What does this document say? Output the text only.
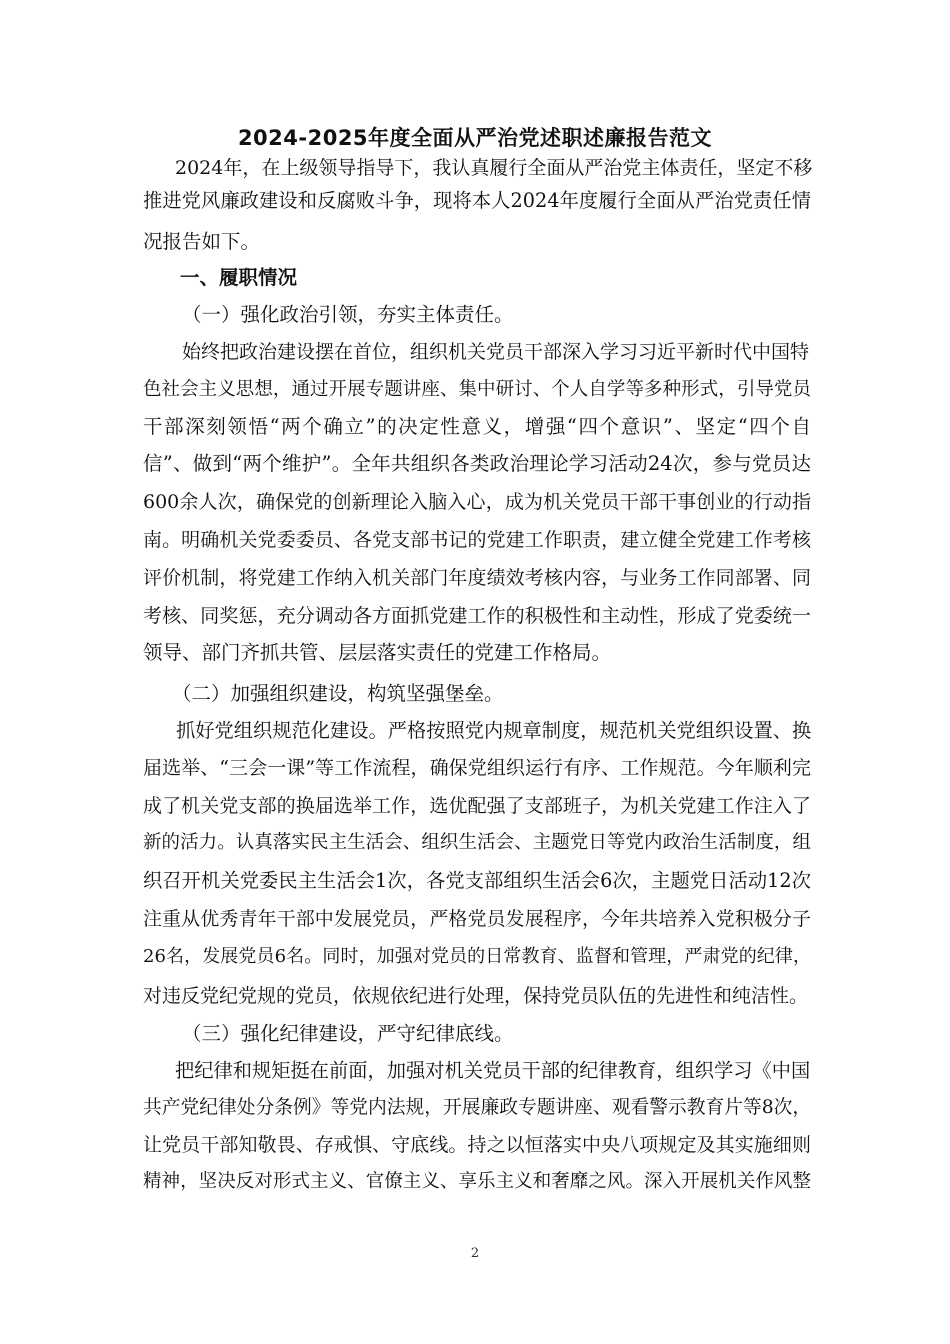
2024-2025年度全面从严治党述职述廉报告范文

2024年，在上级领导指导下，我认真履行全面从严治党主体责任，坚定不移

推进党风廉政建设和反腐败斗争，现将本人2024年度履行全面从严治党责任情

况报告如下。

一、履职情况

（一）强化政治引领，夯实主体责任。

始终把政治建设摆在首位，组织机关党员干部深入学习习近平新时代中国特

色社会主义思想，通过开展专题讲座、集中研讨、个人自学等多种形式，引导党员

干部深刻领悟“两个确立”的决定性意义，增强“四个意识”、坚定“四个自

信”、做到“两个维护”。全年共组织各类政治理论学习活动24次，参与党员达

600余人次，确保党的创新理论入脑入心，成为机关党员干部干事创业的行动指

南。明确机关党委委员、各党支部书记的党建工作职责，建立健全党建工作考核

评价机制，将党建工作纳入机关部门年度绩效考核内容，与业务工作同部署、同

考核、同奖惩，充分调动各方面抓党建工作的积极性和主动性，形成了党委统一

领导、部门齐抓共管、层层落实责任的党建工作格局。

（二）加强组织建设，构筑坚强堡垒。

抓好党组织规范化建设。严格按照党内规章制度，规范机关党组织设置、换

届选举、“三会一课”等工作流程，确保党组织运行有序、工作规范。今年顺利完

成了机关党支部的换届选举工作，选优配强了支部班子，为机关党建工作注入了

新的活力。认真落实民主生活会、组织生活会、主题党日等党内政治生活制度，组

织召开机关党委民主生活会1次，各党支部组织生活会6次，主题党日活动12次

注重从优秀青年干部中发展党员，严格党员发展程序，今年共培养入党积极分子

26名，发展党员6名。同时，加强对党员的日常教育、监督和管理，严肃党的纪律，

对违反党纪党规的党员，依规依纪进行处理，保持党员队伍的先进性和纯洁性。

（三）强化纪律建设，严守纪律底线。

把纪律和规矩挺在前面，加强对机关党员干部的纪律教育，组织学习《中国

共产党纪律处分条例》等党内法规，开展廉政专题讲座、观看警示教育片等8次，

让党员干部知敬畏、存戒惧、守底线。持之以恒落实中央八项规定及其实施细则

精神，坚决反对形式主义、官僚主义、享乐主义和奢靡之风。深入开展机关作风整

2
